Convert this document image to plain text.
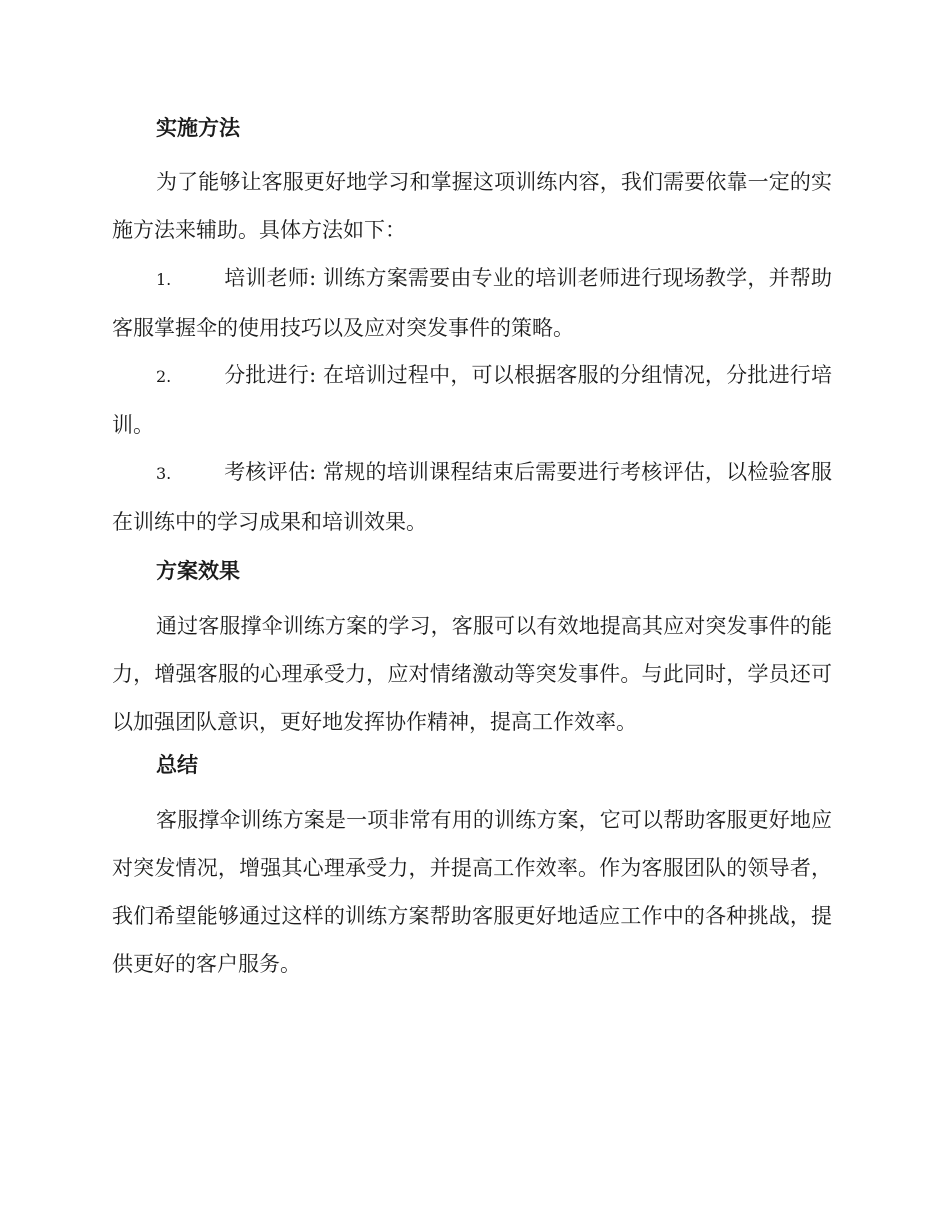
实施方法

为了能够让客服更好地学习和掌握这项训练内容，我们需要依靠一定的实施方法来辅助。具体方法如下：

1.	培训老师: 训练方案需要由专业的培训老师进行现场教学，并帮助客服掌握伞的使用技巧以及应对突发事件的策略。

2.	分批进行: 在培训过程中，可以根据客服的分组情况，分批进行培训。

3.	考核评估: 常规的培训课程结束后需要进行考核评估，以检验客服在训练中的学习成果和培训效果。

方案效果

通过客服撑伞训练方案的学习，客服可以有效地提高其应对突发事件的能力，增强客服的心理承受力，应对情绪激动等突发事件。与此同时，学员还可以加强团队意识，更好地发挥协作精神，提高工作效率。

总结

客服撑伞训练方案是一项非常有用的训练方案，它可以帮助客服更好地应对突发情况，增强其心理承受力，并提高工作效率。作为客服团队的领导者，我们希望能够通过这样的训练方案帮助客服更好地适应工作中的各种挑战，提供更好的客户服务。
